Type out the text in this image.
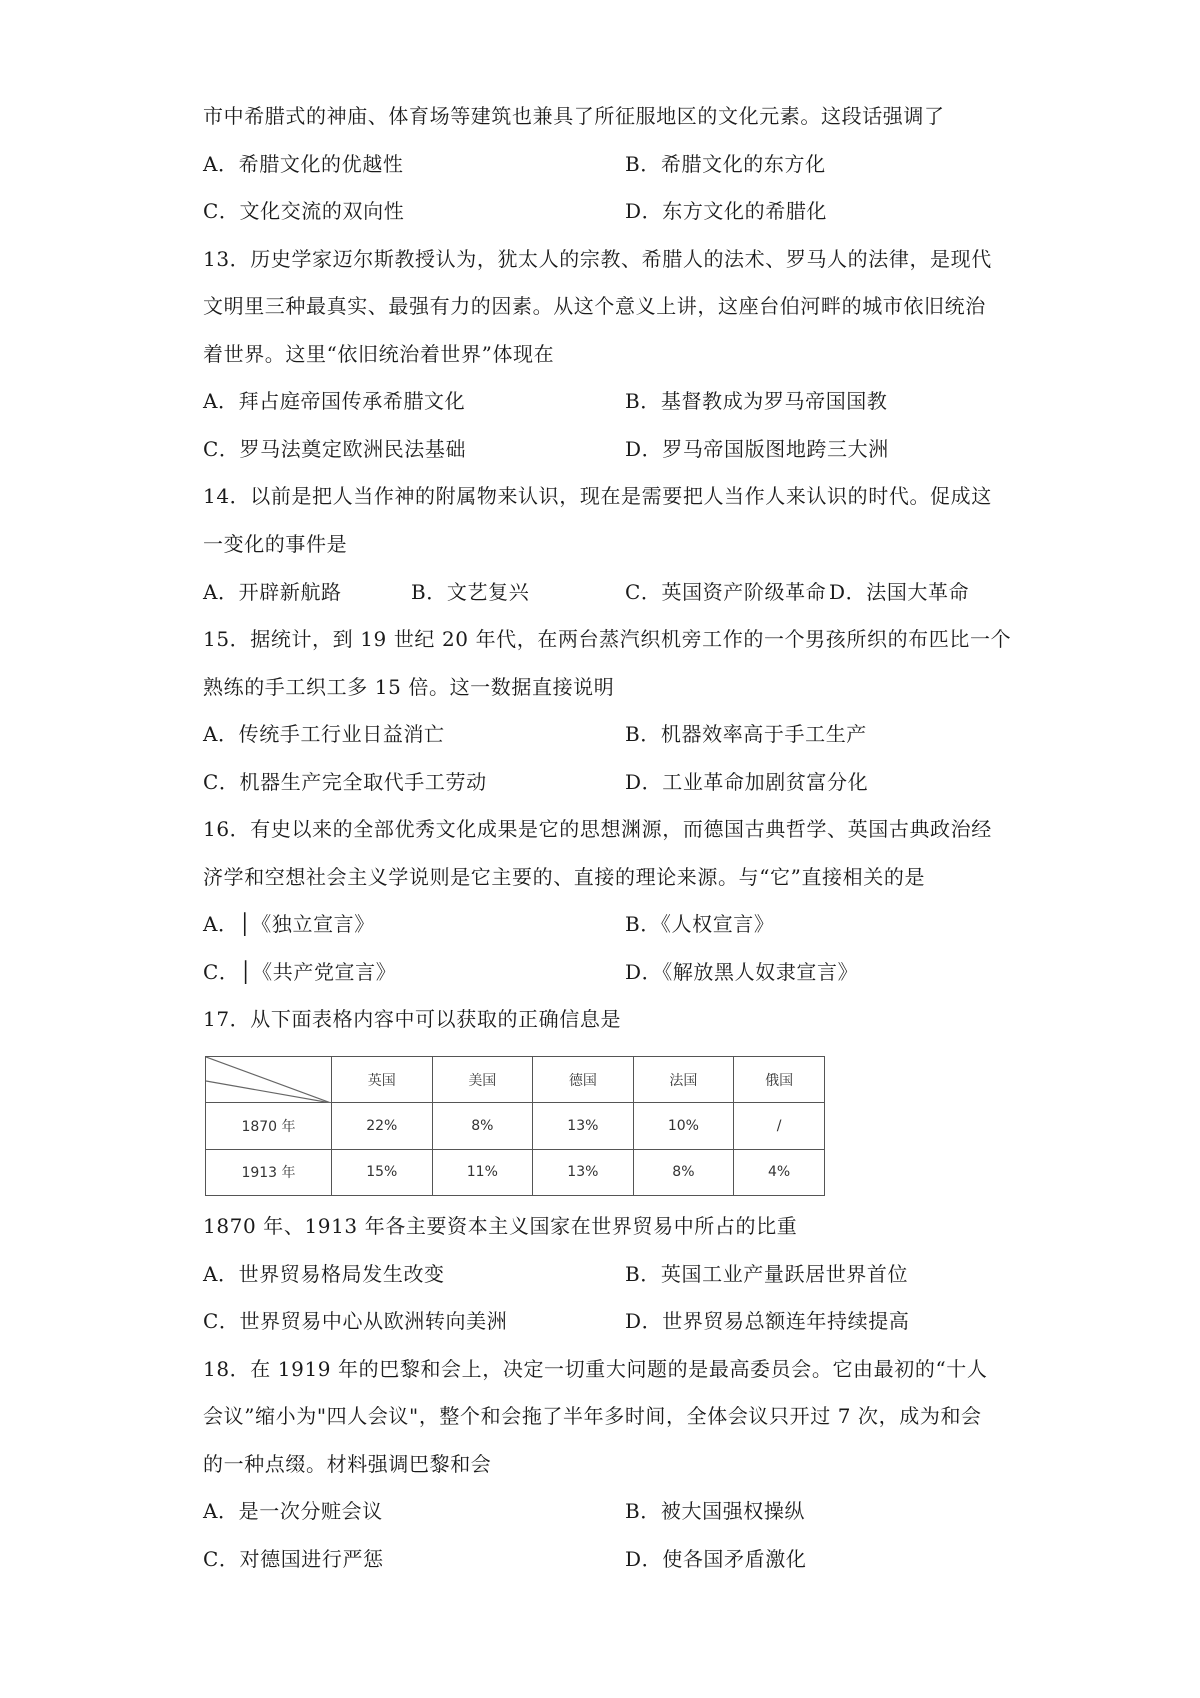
市中希腊式的神庙、体育场等建筑也兼具了所征服地区的文化元素。这段话强调了
A．希腊文化的优越性	B．希腊文化的东方化
C．文化交流的双向性	D．东方文化的希腊化
13．历史学家迈尔斯教授认为，犹太人的宗教、希腊人的法术、罗马人的法律，是现代
文明里三种最真实、最强有力的因素。从这个意义上讲，这座台伯河畔的城市依旧统治
着世界。这里“依旧统治着世界”体现在
A．拜占庭帝国传承希腊文化	B．基督教成为罗马帝国国教
C．罗马法奠定欧洲民法基础	D．罗马帝国版图地跨三大洲
14．以前是把人当作神的附属物来认识，现在是需要把人当作人来认识的时代。促成这
一变化的事件是
A．开辟新航路	B．文艺复兴	C．英国资产阶级革命 D．法国大革命
15．据统计，到 19 世纪 20 年代，在两台蒸汽织机旁工作的一个男孩所织的布匹比一个
熟练的手工织工多 15 倍。这一数据直接说明
A．传统手工行业日益消亡	B．机器效率高于手工生产
C．机器生产完全取代手工劳动	D．工业革命加剧贫富分化
16．有史以来的全部优秀文化成果是它的思想渊源，而德国古典哲学、英国古典政治经
济学和空想社会主义学说则是它主要的、直接的理论来源。与“它”直接相关的是
A．│《独立宣言》	B．《人权宣言》
C．│《共产党宣言》	D．《解放黑人奴隶宣言》
17．从下面表格内容中可以获取的正确信息是
	英国	美国	德国	法国	俄国
1870 年	22%	8%	13%	10%	/
1913 年	15%	11%	13%	8%	4%
1870 年、1913 年各主要资本主义国家在世界贸易中所占的比重
A．世界贸易格局发生改变	B．英国工业产量跃居世界首位
C．世界贸易中心从欧洲转向美洲	D．世界贸易总额连年持续提高
18．在 1919 年的巴黎和会上，决定一切重大问题的是最高委员会。它由最初的“十人
会议”缩小为"四人会议"，整个和会拖了半年多时间，全体会议只开过 7 次，成为和会
的一种点缀。材料强调巴黎和会
A．是一次分赃会议	B．被大国强权操纵
C．对德国进行严惩	D．使各国矛盾激化
